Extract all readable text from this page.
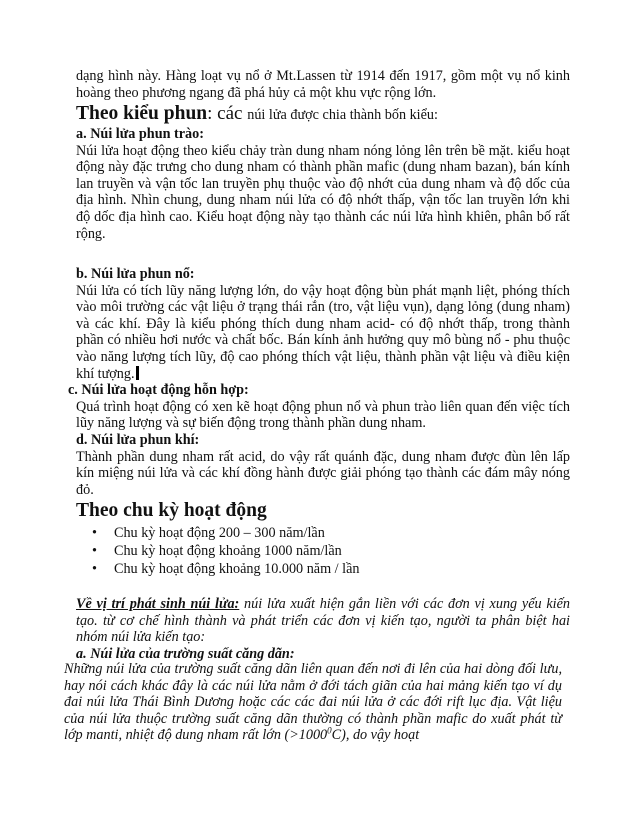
dạng hình này. Hàng loạt vụ nổ ở Mt.Lassen từ 1914 đến 1917, gồm một vụ nổ kinh hoàng theo phương ngang đã phá hủy cả một khu vực rộng lớn.

Theo kiểu phun: các núi lửa được chia thành bốn kiểu:

a. Núi lửa phun trào:

Núi lửa hoạt động theo kiểu chảy tràn dung nham nóng lỏng lên trên bề mặt. kiểu hoạt động này đặc trưng cho dung nham có thành phần mafic (dung nham bazan), bán kính lan truyền và vận tốc lan truyền phụ thuộc vào độ nhớt của dung nham và độ dốc của địa hình. Nhìn chung, dung nham núi lửa có độ nhớt thấp, vận tốc lan truyền lớn khi độ dốc địa hình cao. Kiểu hoạt động này tạo thành các núi lửa hình khiên, phân bố rất rộng.

b. Núi lửa phun nổ:

Núi lửa có tích lũy năng lượng lớn, do vậy hoạt động bùn phát mạnh liệt, phóng thích vào môi trường các vật liệu ở trạng thái rắn (tro, vật liệu vụn), dạng lỏng (dung nham) và các khí. Đây là kiểu phóng thích dung nham acid- có độ nhớt thấp, trong thành phần có nhiều hơi nước và chất bốc. Bán kính ảnh hưởng quy mô bùng nổ - phu thuộc vào năng lượng tích lũy, độ cao phóng thích vật liệu, thành phần vật liệu và điều kiện khí tượng.

c. Núi lửa hoạt động hỗn hợp:

Quá trình hoạt động có xen kẽ hoạt động phun nổ và phun trào liên quan đến việc tích lũy năng lượng và sự biến động trong thành phần dung nham.

d. Núi lửa phun khí:

Thành phần dung nham rất acid, do vậy rất quánh đặc, dung nham được đùn lên lấp kín miệng núi lửa và các khí đồng hành được giải phóng tạo thành các đám mây nóng đỏ.

Theo chu kỳ hoạt động

• Chu kỳ hoạt động 200 – 300 năm/lần
• Chu kỳ hoạt động khoảng 1000 năm/lần
• Chu kỳ hoạt động khoảng 10.000 năm / lần

Về vị trí phát sinh núi lửa: núi lửa xuất hiện gắn liền với các đơn vị xung yếu kiến tạo. từ cơ chế hình thành và phát triển các đơn vị kiến tạo, người ta phân biệt hai nhóm núi lửa kiến tạo:

a. Núi lửa của trường suất căng dãn:

Những núi lửa của trường suất căng dãn liên quan đến nơi đi lên của hai dòng đối lưu, hay nói cách khác đây là các núi lửa nằm ở đới tách giãn của hai mảng kiến tạo ví dụ đai núi lửa Thái Bình Dương hoặc các các đai núi lửa ở các đới rift lục địa. Vật liệu của núi lửa thuộc trường suất căng dãn thường có thành phần mafic do xuất phát từ lớp manti, nhiệt độ dung nham rất lớn $(>1000^0C)$, do vậy hoạt
